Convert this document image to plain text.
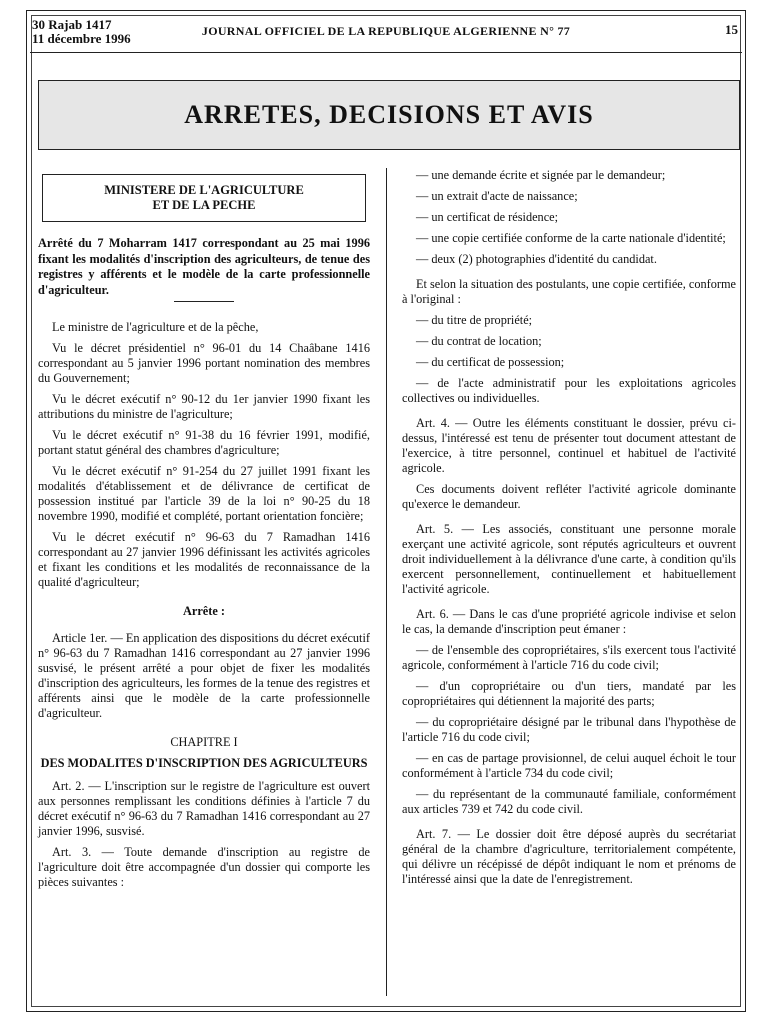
30 Rajab 1417
11 décembre 1996	JOURNAL OFFICIEL DE LA REPUBLIQUE ALGERIENNE N° 77	15
ARRETES, DECISIONS ET AVIS
MINISTERE DE L'AGRICULTURE
ET DE LA PECHE
Arrêté du 7 Moharram 1417 correspondant au 25 mai 1996 fixant les modalités d'inscription des agriculteurs, de tenue des registres y afférents et le modèle de la carte professionnelle d'agriculteur.

Le ministre de l'agriculture et de la pêche,

Vu le décret présidentiel n° 96-01 du 14 Chaâbane 1416 correspondant au 5 janvier 1996 portant nomination des membres du Gouvernement;

Vu le décret exécutif n° 90-12 du 1er janvier 1990 fixant les attributions du ministre de l'agriculture;

Vu le décret exécutif n° 91-38 du 16 février 1991, modifié, portant statut général des chambres d'agriculture;

Vu le décret exécutif n° 91-254 du 27 juillet 1991 fixant les modalités d'établissement et de délivrance de certificat de possession institué par l'article 39 de la loi n° 90-25 du 18 novembre 1990, modifié et complété, portant orientation foncière;

Vu le décret exécutif n° 96-63 du 7 Ramadhan 1416 correspondant au 27 janvier 1996 définissant les activités agricoles et fixant les conditions et les modalités de reconnaissance de la qualité d'agriculteur;

Arrête :

Article 1er. — En application des dispositions du décret exécutif n° 96-63 du 7 Ramadhan 1416 correspondant au 27 janvier 1996 susvisé, le présent arrêté a pour objet de fixer les modalités d'inscription des agriculteurs, les formes de la tenue des registres et afférents ainsi que le modèle de la carte professionnelle d'agriculteur.

CHAPITRE I

DES MODALITES D'INSCRIPTION DES AGRICULTEURS

Art. 2. — L'inscription sur le registre de l'agriculture est ouvert aux personnes remplissant les conditions définies à l'article 7 du décret exécutif n° 96-63 du 7 Ramadhan 1416 correspondant au 27 janvier 1996, susvisé.

Art. 3. — Toute demande d'inscription au registre de l'agriculture doit être accompagnée d'un dossier qui comporte les pièces suivantes :

— une demande écrite et signée par le demandeur;

— un extrait d'acte de naissance;

— un certificat de résidence;

— une copie certifiée conforme de la carte nationale d'identité;

— deux (2) photographies d'identité du candidat.

Et selon la situation des postulants, une copie certifiée, conforme à l'original :

— du titre de propriété;

— du contrat de location;

— du certificat de possession;

— de l'acte administratif pour les exploitations agricoles collectives ou individuelles.

Art. 4. — Outre les éléments constituant le dossier, prévu ci-dessus, l'intéressé est tenu de présenter tout document attestant de l'exercice, à titre personnel, continuel et habituel de l'activité agricole.

Ces documents doivent refléter l'activité agricole dominante qu'exerce le demandeur.

Art. 5. — Les associés, constituant une personne morale exerçant une activité agricole, sont réputés agriculteurs et ouvrent droit individuellement à la délivrance d'une carte, à condition qu'ils exercent personnellement, continuellement et habituellement l'activité agricole.

Art. 6. — Dans le cas d'une propriété agricole indivise et selon le cas, la demande d'inscription peut émaner :

— de l'ensemble des copropriétaires, s'ils exercent tous l'activité agricole, conformément à l'article 716 du code civil;

— d'un copropriétaire ou d'un tiers, mandaté par les copropriétaires qui détiennent la majorité des parts;

— du copropriétaire désigné par le tribunal dans l'hypothèse de l'article 716 du code civil;

— en cas de partage provisionnel, de celui auquel échoit le tour conformément à l'article 734 du code civil;

— du représentant de la communauté familiale, conformément aux articles 739 et 742 du code civil.

Art. 7. — Le dossier doit être déposé auprès du secrétariat général de la chambre d'agriculture, territorialement compétente, qui délivre un récépissé de dépôt indiquant le nom et prénoms de l'intéressé ainsi que la date de l'enregistrement.
